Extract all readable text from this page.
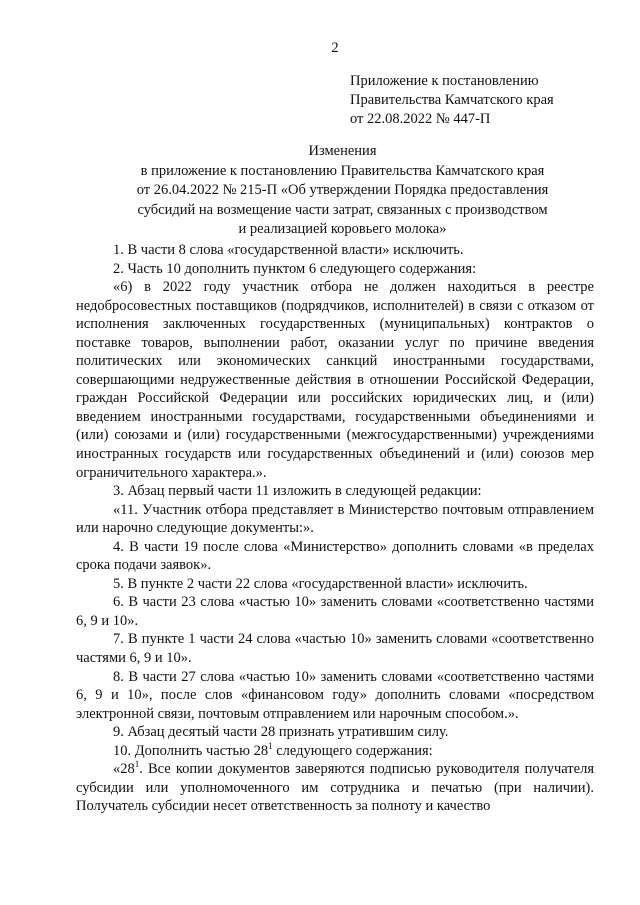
2
Приложение к постановлению
Правительства Камчатского края
от 22.08.2022 № 447-П
Изменения
в приложение к постановлению Правительства Камчатского края
от 26.04.2022 № 215-П «Об утверждении Порядка предоставления
субсидий на возмещение части затрат, связанных с производством
и реализацией коровьего молока»

1. В части 8 слова «государственной власти» исключить.

2. Часть 10 дополнить пунктом 6 следующего содержания:

«6) в 2022 году участник отбора не должен находиться в реестре недобросовестных поставщиков (подрядчиков, исполнителей) в связи с отказом от исполнения заключенных государственных (муниципальных) контрактов о поставке товаров, выполнении работ, оказании услуг по причине введения политических или экономических санкций иностранными государствами, совершающими недружественные действия в отношении Российской Федерации, граждан Российской Федерации или российских юридических лиц, и (или) введением иностранными государствами, государственными объединениями и (или) союзами и (или) государственными (межгосударственными) учреждениями иностранных государств или государственных объединений и (или) союзов мер ограничительного характера.».

3. Абзац первый части 11 изложить в следующей редакции:

«11. Участник отбора представляет в Министерство почтовым отправлением или нарочно следующие документы:».

4. В части 19 после слова «Министерство» дополнить словами «в пределах срока подачи заявок».

5. В пункте 2 части 22 слова «государственной власти» исключить.

6. В части 23 слова «частью 10» заменить словами «соответственно частями 6, 9 и 10».

7. В пункте 1 части 24 слова «частью 10» заменить словами «соответственно частями 6, 9 и 10».

8. В части 27 слова «частью 10» заменить словами «соответственно частями 6, 9 и 10», после слов «финансовом году» дополнить словами «посредством электронной связи, почтовым отправлением или нарочным способом.».

9. Абзац десятый части 28 признать утратившим силу.

10. Дополнить частью $28^1$ следующего содержания:

«$28^1$. Все копии документов заверяются подписью руководителя получателя субсидии или уполномоченного им сотрудника и печатью (при наличии). Получатель субсидии несет ответственность за полноту и качество
